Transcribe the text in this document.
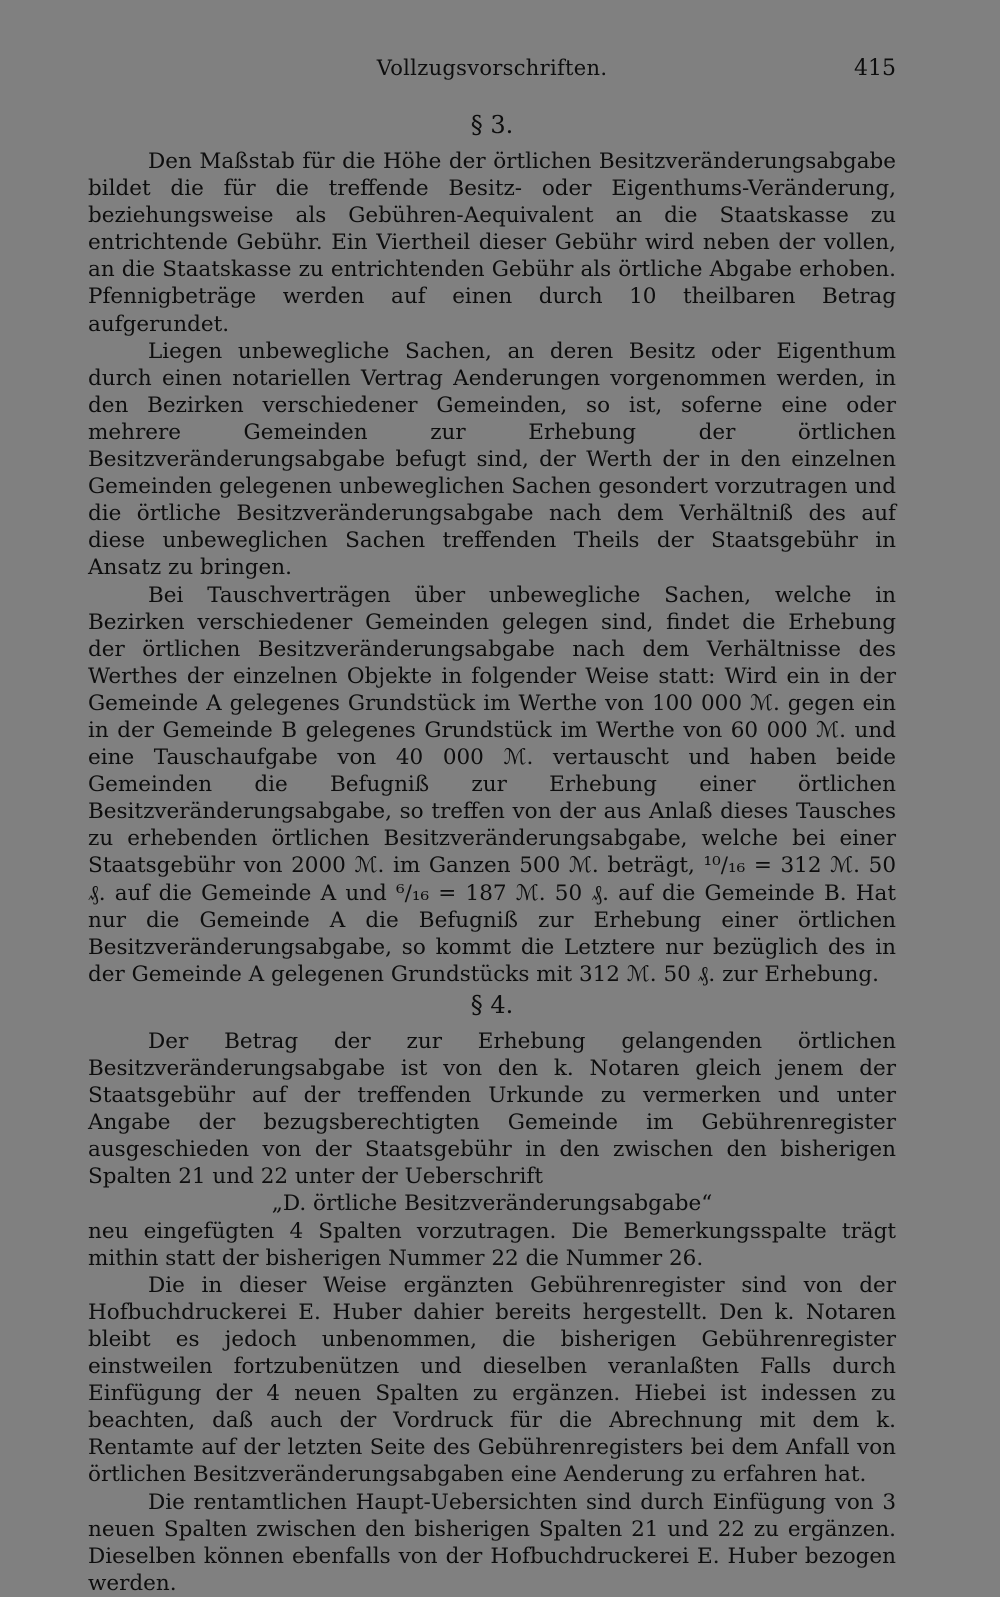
Vollzugsvorschriften.	415
§ 3.

Den Maßstab für die Höhe der örtlichen Besitzveränderungsabgabe bildet die für die treffende Besitz- oder Eigenthums-Veränderung, beziehungsweise als Gebühren-Aequivalent an die Staatskasse zu entrichtende Gebühr. Ein Viertheil dieser Gebühr wird neben der vollen, an die Staatskasse zu entrichtenden Gebühr als örtliche Abgabe erhoben. Pfennigbeträge werden auf einen durch 10 theilbaren Betrag aufgerundet.

Liegen unbewegliche Sachen, an deren Besitz oder Eigenthum durch einen notariellen Vertrag Aenderungen vorgenommen werden, in den Bezirken verschiedener Gemeinden, so ist, soferne eine oder mehrere Gemeinden zur Erhebung der örtlichen Besitzveränderungsabgabe befugt sind, der Werth der in den einzelnen Gemeinden gelegenen unbeweglichen Sachen gesondert vorzutragen und die örtliche Besitzveränderungsabgabe nach dem Verhältniß des auf diese unbeweglichen Sachen treffenden Theils der Staatsgebühr in Ansatz zu bringen.

Bei Tauschverträgen über unbewegliche Sachen, welche in Bezirken verschiedener Gemeinden gelegen sind, findet die Erhebung der örtlichen Besitzveränderungsabgabe nach dem Verhältnisse des Werthes der einzelnen Objekte in folgender Weise statt: Wird ein in der Gemeinde A gelegenes Grundstück im Werthe von 100 000 ℳ. gegen ein in der Gemeinde B gelegenes Grundstück im Werthe von 60 000 ℳ. und eine Tauschaufgabe von 40 000 ℳ. vertauscht und haben beide Gemeinden die Befugniß zur Erhebung einer örtlichen Besitzveränderungsabgabe, so treffen von der aus Anlaß dieses Tausches zu erhebenden örtlichen Besitzveränderungsabgabe, welche bei einer Staatsgebühr von 2000 ℳ. im Ganzen 500 ℳ. beträgt, ¹⁰/₁₆ = 312 ℳ. 50 ₰. auf die Gemeinde A und ⁶/₁₆ = 187 ℳ. 50 ₰. auf die Gemeinde B. Hat nur die Gemeinde A die Befugniß zur Erhebung einer örtlichen Besitzveränderungsabgabe, so kommt die Letztere nur bezüglich des in der Gemeinde A gelegenen Grundstücks mit 312 ℳ. 50 ₰. zur Erhebung.

§ 4.

Der Betrag der zur Erhebung gelangenden örtlichen Besitzveränderungsabgabe ist von den k. Notaren gleich jenem der Staatsgebühr auf der treffenden Urkunde zu vermerken und unter Angabe der bezugsberechtigten Gemeinde im Gebührenregister ausgeschieden von der Staatsgebühr in den zwischen den bisherigen Spalten 21 und 22 unter der Ueberschrift

„D. örtliche Besitzveränderungsabgabe“

neu eingefügten 4 Spalten vorzutragen. Die Bemerkungsspalte trägt mithin statt der bisherigen Nummer 22 die Nummer 26.

Die in dieser Weise ergänzten Gebührenregister sind von der Hofbuchdruckerei E. Huber dahier bereits hergestellt. Den k. Notaren bleibt es jedoch unbenommen, die bisherigen Gebührenregister einstweilen fortzubenützen und dieselben veranlaßten Falls durch Einfügung der 4 neuen Spalten zu ergänzen. Hiebei ist indessen zu beachten, daß auch der Vordruck für die Abrechnung mit dem k. Rentamte auf der letzten Seite des Gebührenregisters bei dem Anfall von örtlichen Besitzveränderungsabgaben eine Aenderung zu erfahren hat.

Die rentamtlichen Haupt-Uebersichten sind durch Einfügung von 3 neuen Spalten zwischen den bisherigen Spalten 21 und 22 zu ergänzen. Dieselben können ebenfalls von der Hofbuchdruckerei E. Huber bezogen werden.
